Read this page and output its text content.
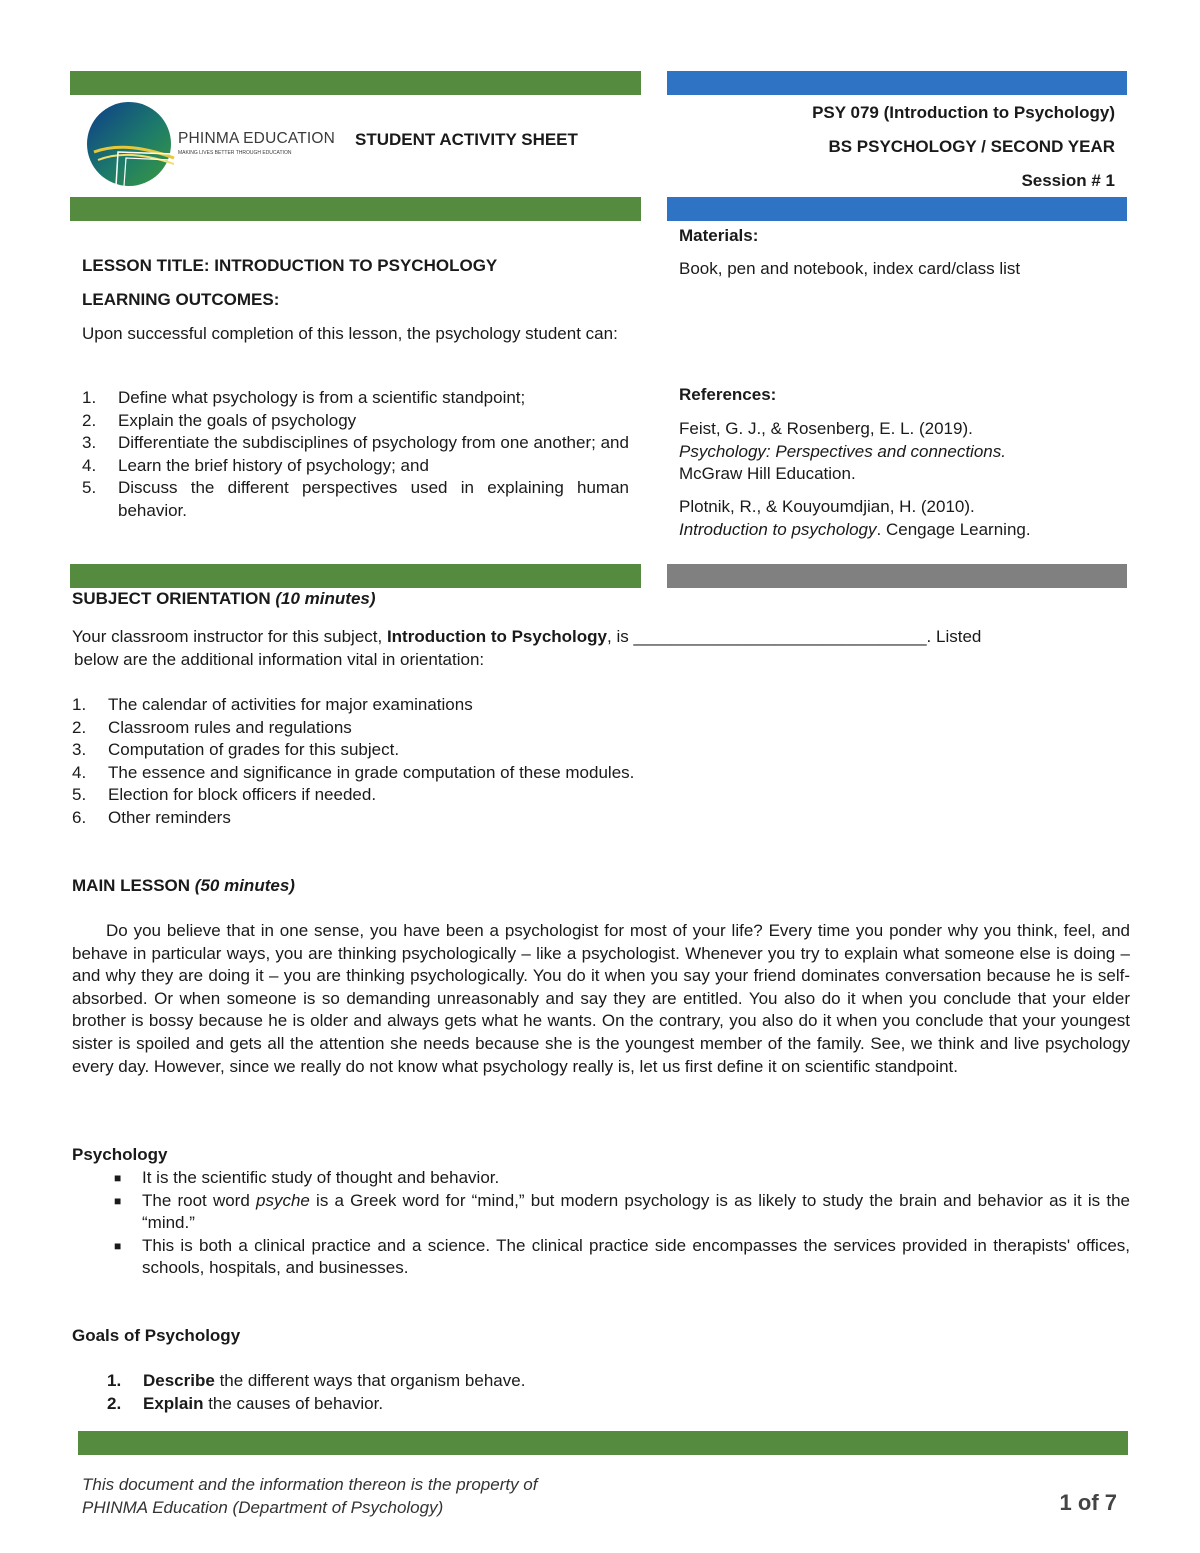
PHINMA EDUCATION
MAKING LIVES BETTER THROUGH EDUCATION
STUDENT ACTIVITY SHEET
PSY 079 (Introduction to Psychology)
BS PSYCHOLOGY / SECOND YEAR
Session # 1
LESSON TITLE: INTRODUCTION TO PSYCHOLOGY
LEARNING OUTCOMES:
Upon successful completion of this lesson, the psychology student can:
1. Define what psychology is from a scientific standpoint;
2. Explain the goals of psychology
3. Differentiate the subdisciplines of psychology from one another; and
4. Learn the brief history of psychology; and
5. Discuss the different perspectives used in explaining human behavior.
Materials:
Book, pen and notebook, index card/class list
References:
Feist, G. J., & Rosenberg, E. L. (2019).
Psychology: Perspectives and connections.
McGraw Hill Education.
Plotnik, R., & Kouyoumdjian, H. (2010).
Introduction to psychology. Cengage Learning.
SUBJECT ORIENTATION (10 minutes)
Your classroom instructor for this subject, Introduction to Psychology, is _______________________________. Listed
below are the additional information vital in orientation:
1. The calendar of activities for major examinations
2. Classroom rules and regulations
3. Computation of grades for this subject.
4. The essence and significance in grade computation of these modules.
5. Election for block officers if needed.
6. Other reminders
MAIN LESSON (50 minutes)
Do you believe that in one sense, you have been a psychologist for most of your life? Every time you ponder why you think, feel, and behave in particular ways, you are thinking psychologically – like a psychologist. Whenever you try to explain what someone else is doing – and why they are doing it – you are thinking psychologically. You do it when you say your friend dominates conversation because he is self-absorbed. Or when someone is so demanding unreasonably and say they are entitled. You also do it when you conclude that your elder brother is bossy because he is older and always gets what he wants. On the contrary, you also do it when you conclude that your youngest sister is spoiled and gets all the attention she needs because she is the youngest member of the family. See, we think and live psychology every day. However, since we really do not know what psychology really is, let us first define it on scientific standpoint.
Psychology
■ It is the scientific study of thought and behavior.
■ The root word psyche is a Greek word for “mind,” but modern psychology is as likely to study the brain and behavior as it is the “mind.”
■ This is both a clinical practice and a science. The clinical practice side encompasses the services provided in therapists' offices, schools, hospitals, and businesses.
Goals of Psychology
1. Describe the different ways that organism behave.
2. Explain the causes of behavior.
This document and the information thereon is the property of
PHINMA Education (Department of Psychology)	1 of 7
